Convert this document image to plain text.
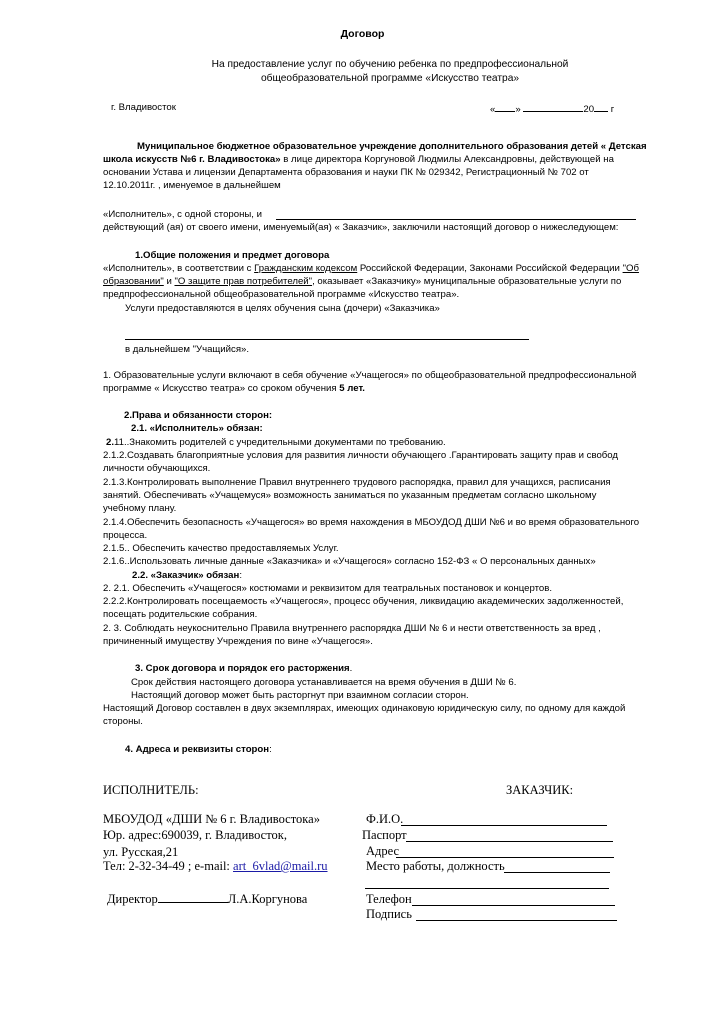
Договор
На предоставление услуг по обучению ребенка по предпрофессиональной
общеобразовательной программе «Искусство театра»
г. Владивосток	« »	20 г
Муниципальное бюджетное образовательное учреждение дополнительного образования детей « Детская
школа искусств №6 г. Владивостока» в лице директора Коргуновой Людмилы Александровны, действующей на
основании Устава и лицензии Департамента образования и науки ПК № 029342, Регистрационный № 702 от
12.10.2011г. , именуемое в дальнейшем
«Исполнитель», с одной стороны, и
действующий (ая) от своего имени, именуемый(ая) « Заказчик», заключили настоящий договор о нижеследующем:
1.Общие положения и предмет договора
«Исполнитель», в соответствии с Гражданским кодексом Российской Федерации, Законами Российской Федерации "Об
образовании" и "О защите прав потребителей", оказывает «Заказчику» муниципальные образовательные услуги по
предпрофессиональной общеобразовательной программе «Искусство театра».
Услуги предоставляются в целях обучения сына (дочери) «Заказчика»
в дальнейшем "Учащийся».
1. Образовательные услуги включают в себя обучение «Учащегося» по общеобразовательной предпрофессиональной
программе « Искусство театра» со сроком обучения 5 лет.
2.Права и обязанности сторон:
2.1. «Исполнитель» обязан:
2.11..Знакомить родителей с учредительными документами по требованию.
2.1.2.Создавать благоприятные условия для развития личности обучающего .Гарантировать защиту прав и свобод
личности обучающихся.
2.1.3.Контролировать выполнение Правил внутреннего трудового распорядка, правил для учащихся, расписания
занятий. Обеспечивать «Учащемуся» возможность заниматься по указанным предметам согласно школьному
учебному плану.
2.1.4.Обеспечить безопасность «Учащегося» во время нахождения в МБОУДОД ДШИ №6 и во время образовательного
процесса.
2.1.5.. Обеспечить качество предоставляемых Услуг.
2.1.6..Использовать личные данные «Заказчика» и «Учащегося» согласно 152-ФЗ « О персональных данных»
2.2. «Заказчик» обязан:
2. 2.1. Обеспечить «Учащегося» костюмами и реквизитом для театральных постановок и концертов.
2.2.2.Контролировать посещаемость «Учащегося», процесс обучения, ликвидацию академических задолженностей,
посещать родительские собрания.
2. 3. Соблюдать неукоснительно Правила внутреннего распорядка ДШИ № 6 и нести ответственность за вред ,
причиненный имуществу Учреждения по вине «Учащегося».
3. Срок договора и порядок его расторжения.
Срок действия настоящего договора устанавливается на время обучения в ДШИ № 6.
Настоящий договор может быть расторгнут при взаимном согласии сторон.
Настоящий Договор составлен в двух экземплярах, имеющих одинаковую юридическую силу, по одному для каждой
стороны.
4. Адреса и реквизиты сторон:
ИСПОЛНИТЕЛЬ:
МБОУДОД «ДШИ № 6 г. Владивостока»
Юр. адрес:690039, г. Владивосток,
ул. Русская,21
Тел: 2-32-34-49 ; e-mail: art_6vlad@mail.ru
Директор	Л.А.Коргунова
ЗАКАЗЧИК:
Ф.И.О.
Паспорт
Адрес
Место работы, должность
Телефон
Подпись
